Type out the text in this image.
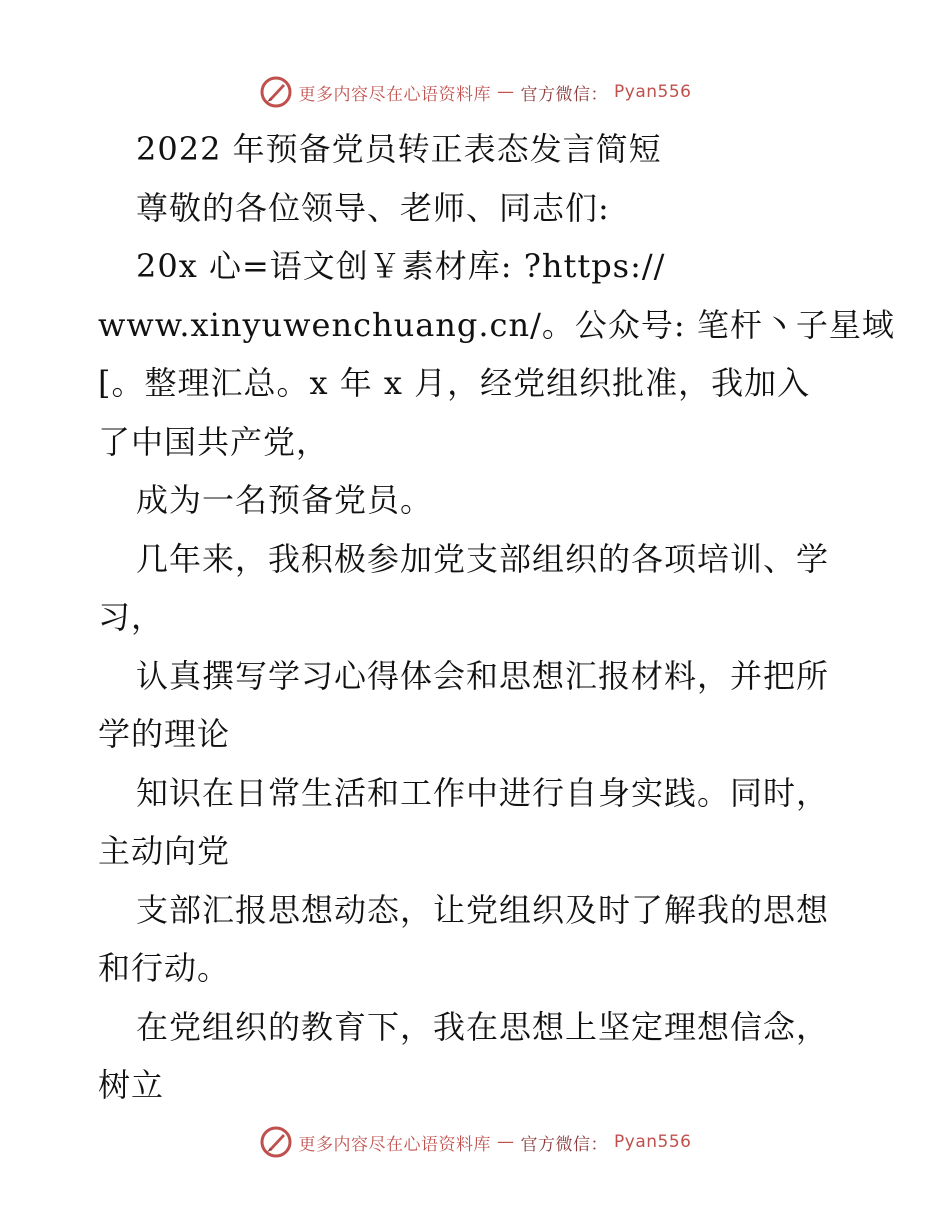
更多内容尽在心语资料库 — 官方微信： Pyan556
2022 年预备党员转正表态发言简短
尊敬的各位领导、老师、同志们:
20x 心=语文创￥素材库: ?https://
www.xinyuwenchuang.cn/。公众号: 笔杆丶子星域
[。整理汇总。x 年 x 月，经党组织批准，我加入
了中国共产党，
成为一名预备党员。
几年来，我积极参加党支部组织的各项培训、学
习，
认真撰写学习心得体会和思想汇报材料，并把所
学的理论
知识在日常生活和工作中进行自身实践。同时，
主动向党
支部汇报思想动态，让党组织及时了解我的思想
和行动。
在党组织的教育下，我在思想上坚定理想信念，
树立
更多内容尽在心语资料库 — 官方微信： Pyan556
